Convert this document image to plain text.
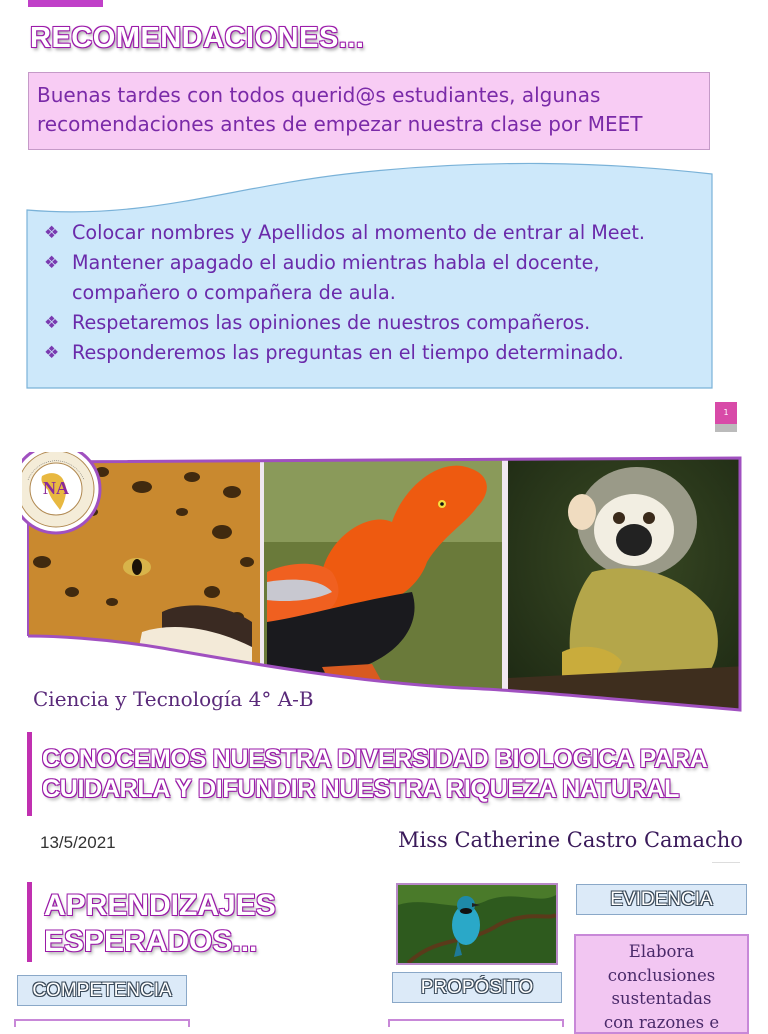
RECOMENDACIONES...
Buenas tardes con todos querid@s estudiantes, algunas
recomendaciones antes de empezar nuestra clase por MEET
❖ Colocar nombres y Apellidos al momento de entrar al Meet.
❖ Mantener apagado el audio mientras habla el docente,
compañero o compañera de aula.
❖ Respetaremos las opiniones de nuestros compañeros.
❖ Responderemos las preguntas en el tiempo determinado.
1
NA
Ciencia y Tecnología 4° A-B
CONOCEMOS NUESTRA DIVERSIDAD BIOLOGICA PARA
CUIDARLA Y DIFUNDIR NUESTRA RIQUEZA NATURAL
13/5/2021	Miss Catherine Castro Camacho
APRENDIZAJES
ESPERADOS...
COMPETENCIA	PROPÓSITO
EVIDENCIA
Elabora
conclusiones
sustentadas
con razones e
